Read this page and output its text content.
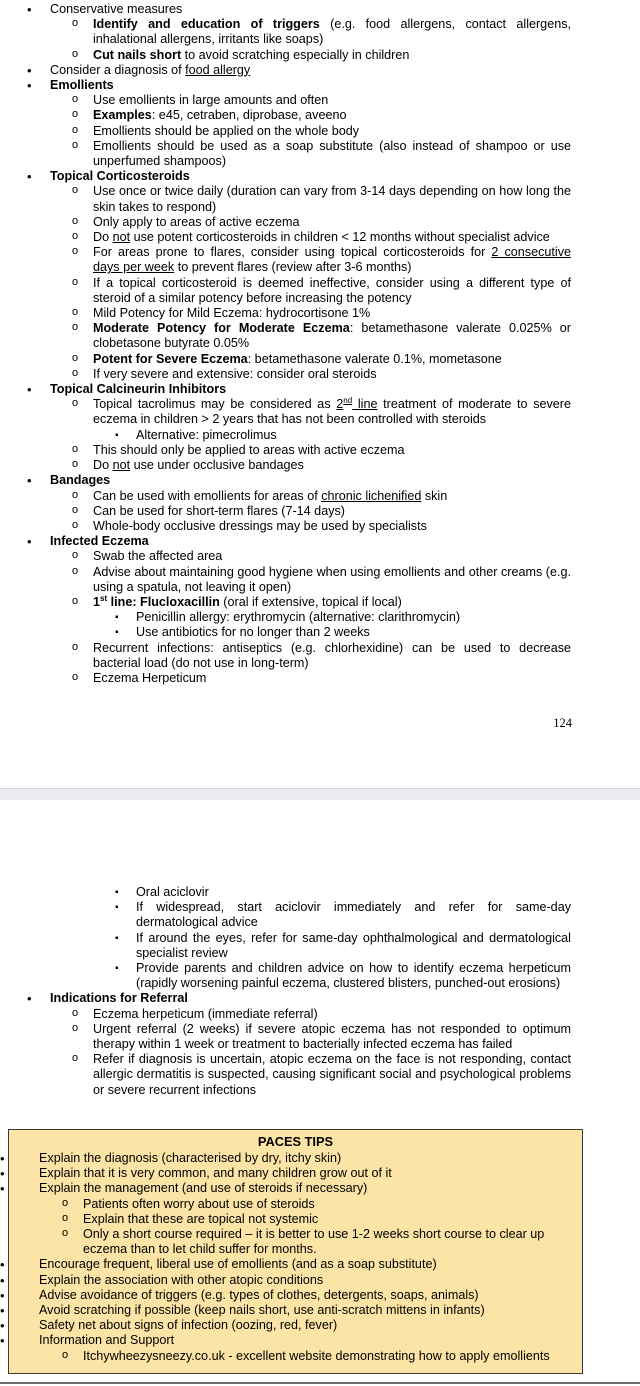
• Conservative measures
o Identify and education of triggers (e.g. food allergens, contact allergens, inhalational allergens, irritants like soaps)
o Cut nails short to avoid scratching especially in children
• Consider a diagnosis of food allergy
• Emollients
o Use emollients in large amounts and often
o Examples: e45, cetraben, diprobase, aveeno
o Emollients should be applied on the whole body
o Emollients should be used as a soap substitute (also instead of shampoo or use unperfumed shampoos)
• Topical Corticosteroids
o Use once or twice daily (duration can vary from 3-14 days depending on how long the skin takes to respond)
o Only apply to areas of active eczema
o Do not use potent corticosteroids in children < 12 months without specialist advice
o For areas prone to flares, consider using topical corticosteroids for 2 consecutive days per week to prevent flares (review after 3-6 months)
o If a topical corticosteroid is deemed ineffective, consider using a different type of steroid of a similar potency before increasing the potency
o Mild Potency for Mild Eczema: hydrocortisone 1%
o Moderate Potency for Moderate Eczema: betamethasone valerate 0.025% or clobetasone butyrate 0.05%
o Potent for Severe Eczema: betamethasone valerate 0.1%, mometasone
o If very severe and extensive: consider oral steroids
• Topical Calcineurin Inhibitors
o Topical tacrolimus may be considered as 2nd line treatment of moderate to severe eczema in children > 2 years that has not been controlled with steroids
▪ Alternative: pimecrolimus
o This should only be applied to areas with active eczema
o Do not use under occlusive bandages
• Bandages
o Can be used with emollients for areas of chronic lichenified skin
o Can be used for short-term flares (7-14 days)
o Whole-body occlusive dressings may be used by specialists
• Infected Eczema
o Swab the affected area
o Advise about maintaining good hygiene when using emollients and other creams (e.g. using a spatula, not leaving it open)
o 1st line: Flucloxacillin (oral if extensive, topical if local)
▪ Penicillin allergy: erythromycin (alternative: clarithromycin)
▪ Use antibiotics for no longer than 2 weeks
o Recurrent infections: antiseptics (e.g. chlorhexidine) can be used to decrease bacterial load (do not use in long-term)
o Eczema Herpeticum
124
▪ Oral aciclovir
▪ If widespread, start aciclovir immediately and refer for same-day dermatological advice
▪ If around the eyes, refer for same-day ophthalmological and dermatological specialist review
▪ Provide parents and children advice on how to identify eczema herpeticum (rapidly worsening painful eczema, clustered blisters, punched-out erosions)
• Indications for Referral
o Eczema herpeticum (immediate referral)
o Urgent referral (2 weeks) if severe atopic eczema has not responded to optimum therapy within 1 week or treatment to bacterially infected eczema has failed
o Refer if diagnosis is uncertain, atopic eczema on the face is not responding, contact allergic dermatitis is suspected, causing significant social and psychological problems or severe recurrent infections
PACES TIPS
• Explain the diagnosis (characterised by dry, itchy skin)
• Explain that it is very common, and many children grow out of it
• Explain the management (and use of steroids if necessary)
o Patients often worry about use of steroids
o Explain that these are topical not systemic
o Only a short course required – it is better to use 1-2 weeks short course to clear up eczema than to let child suffer for months.
• Encourage frequent, liberal use of emollients (and as a soap substitute)
• Explain the association with other atopic conditions
• Advise avoidance of triggers (e.g. types of clothes, detergents, soaps, animals)
• Avoid scratching if possible (keep nails short, use anti-scratch mittens in infants)
• Safety net about signs of infection (oozing, red, fever)
• Information and Support
o Itchywheezysneezy.co.uk - excellent website demonstrating how to apply emollients
